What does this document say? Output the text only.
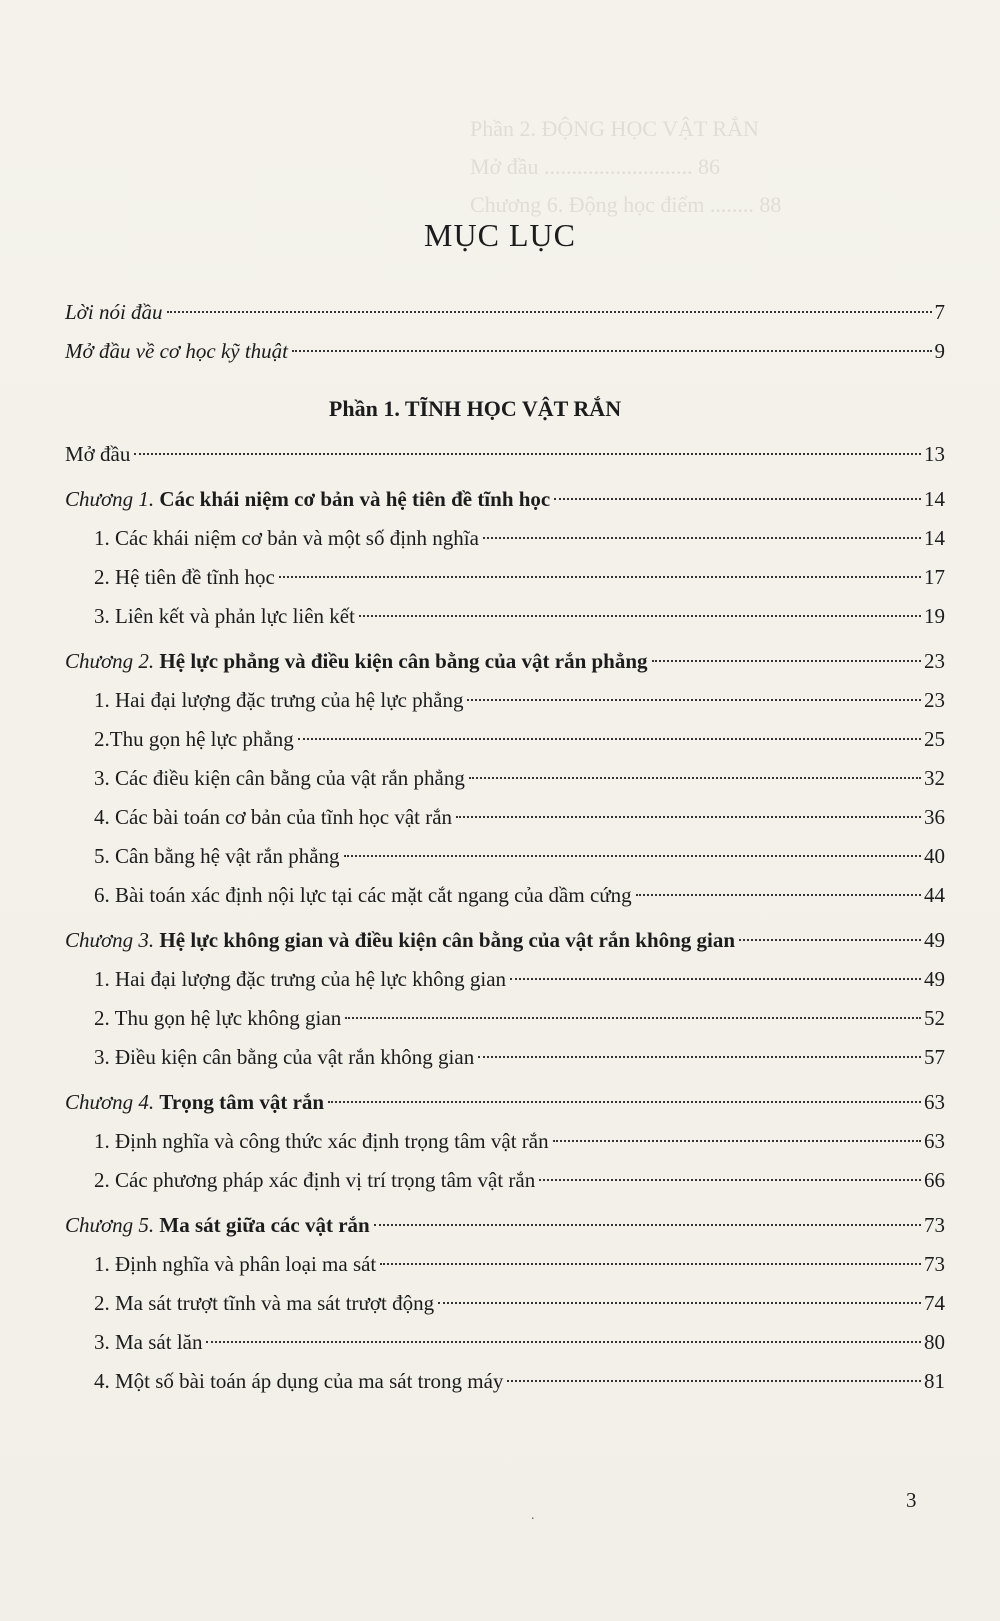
Phần 2. ĐỘNG HỌC VẬT RẮN
Mở đầu ........................... 86
Chương 6. Động học điểm ........ 88
MỤC LỤC
Lời nói đầu	7
Mở đầu về cơ học kỹ thuật	9
Phần 1. TĨNH HỌC VẬT RẮN
Mở đầu	13
Chương 1. Các khái niệm cơ bản và hệ tiên đề tĩnh học	14
1. Các khái niệm cơ bản và một số định nghĩa	14
2. Hệ tiên đề tĩnh học	17
3. Liên kết và phản lực liên kết	19
Chương 2. Hệ lực phẳng và điều kiện cân bằng của vật rắn phẳng	23
1. Hai đại lượng đặc trưng của hệ lực phẳng	23
2.Thu gọn hệ lực phẳng	25
3. Các điều kiện cân bằng của vật rắn phẳng	32
4. Các bài toán cơ bản của tĩnh học vật rắn	36
5. Cân bằng hệ vật rắn phẳng	40
6. Bài toán xác định nội lực tại các mặt cắt ngang của dầm cứng	44
Chương 3. Hệ lực không gian và điều kiện cân bằng của vật rắn không gian	49
1. Hai đại lượng đặc trưng của hệ lực không gian	49
2. Thu gọn hệ lực không gian	52
3. Điều kiện cân bằng của vật rắn không gian	57
Chương 4. Trọng tâm vật rắn	63
1. Định nghĩa và công thức xác định trọng tâm vật rắn	63
2. Các phương pháp xác định vị trí trọng tâm vật rắn	66
Chương 5. Ma sát giữa các vật rắn	73
1. Định nghĩa và phân loại ma sát	73
2. Ma sát trượt tĩnh và ma sát trượt động	74
3. Ma sát lăn	80
4. Một số bài toán áp dụng của ma sát trong máy	81
3
.
